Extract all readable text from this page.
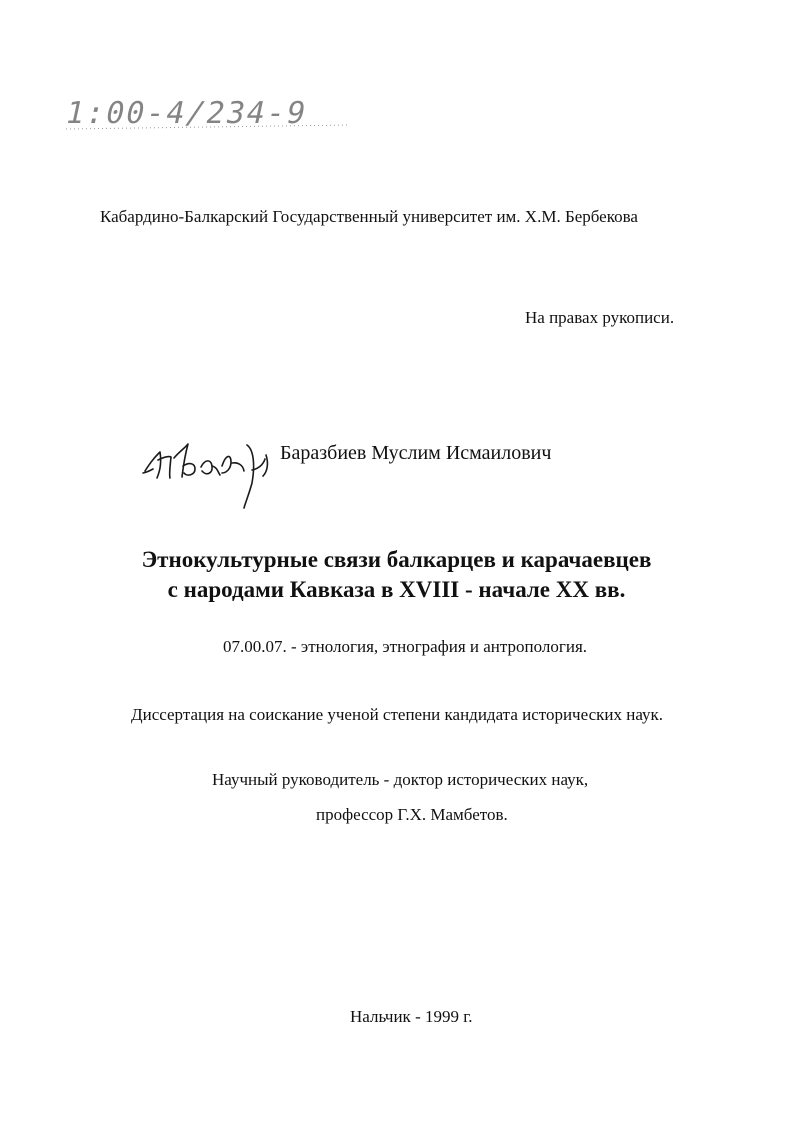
1:00-4/234-9
Кабардино-Балкарский Государственный университет им. Х.М. Бербекова
На правах рукописи.
Баразбиев Муслим Исмаилович
Этнокультурные связи балкарцев и карачаевцев
с народами Кавказа в XVIII - начале XX вв.
07.00.07. - этнология, этнография и антропология.
Диссертация на соискание ученой степени кандидата исторических наук.
Научный руководитель - доктор исторических наук,
профессор Г.Х. Мамбетов.
Нальчик - 1999 г.
